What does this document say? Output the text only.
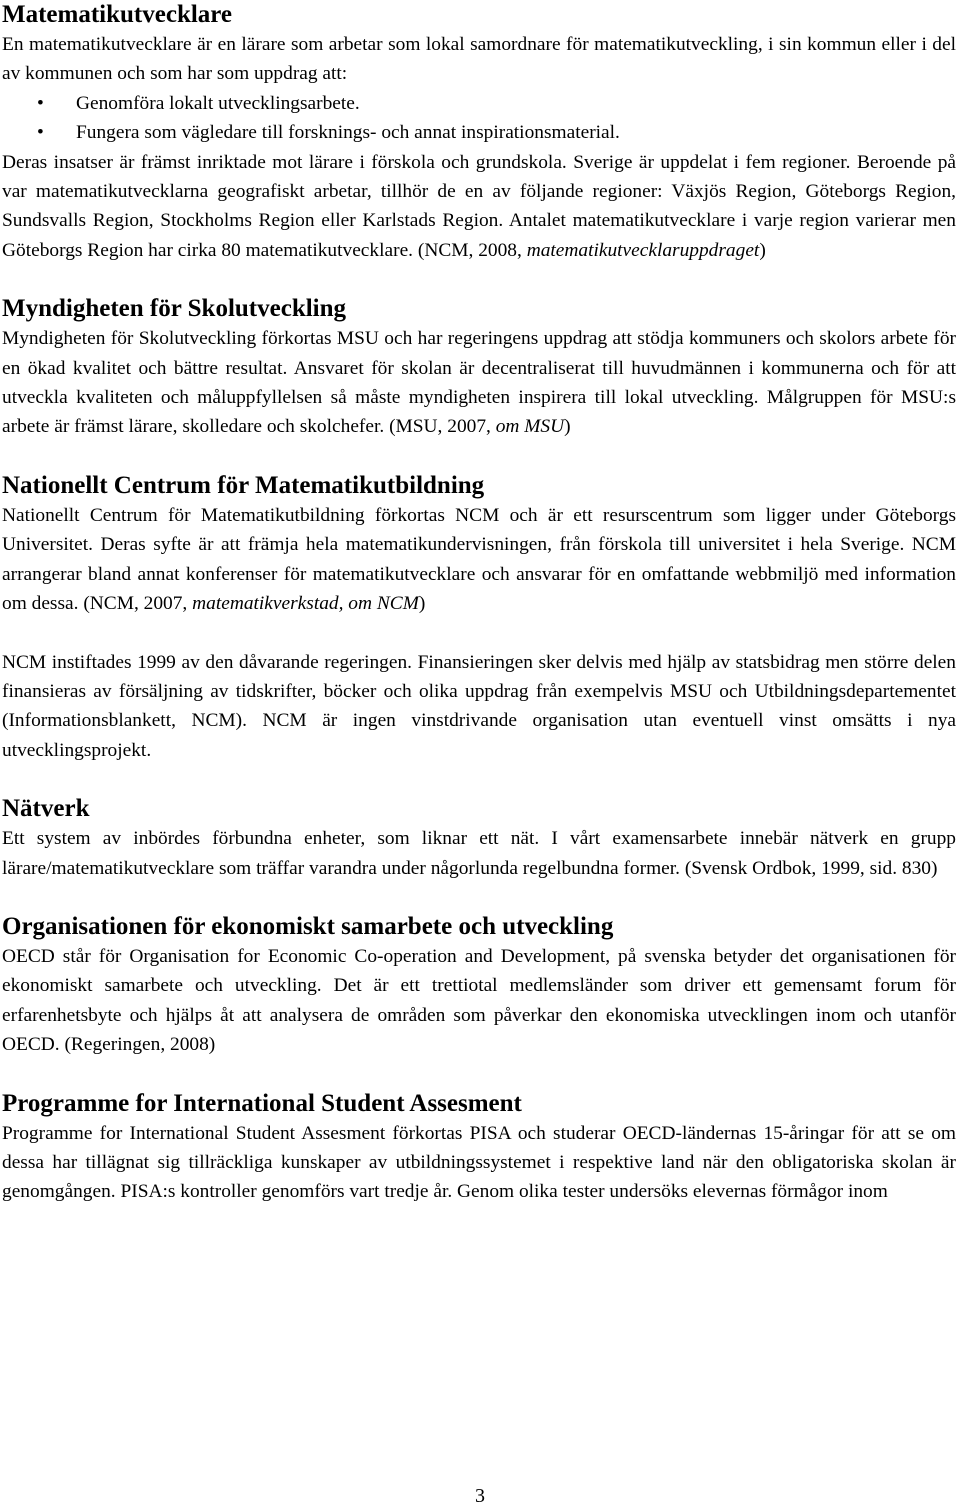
Matematikutvecklare

En matematikutvecklare är en lärare som arbetar som lokal samordnare för matematikutveckling, i sin kommun eller i del av kommunen och som har som uppdrag att:

• Genomföra lokalt utvecklingsarbete.
• Fungera som vägledare till forsknings- och annat inspirationsmaterial.

Deras insatser är främst inriktade mot lärare i förskola och grundskola. Sverige är uppdelat i fem regioner. Beroende på var matematikutvecklarna geografiskt arbetar, tillhör de en av följande regioner: Växjös Region, Göteborgs Region, Sundsvalls Region, Stockholms Region eller Karlstads Region. Antalet matematikutvecklare i varje region varierar men Göteborgs Region har cirka 80 matematikutvecklare. (NCM, 2008, matematikutvecklaruppdraget)

Myndigheten för Skolutveckling

Myndigheten för Skolutveckling förkortas MSU och har regeringens uppdrag att stödja kommuners och skolors arbete för en ökad kvalitet och bättre resultat. Ansvaret för skolan är decentraliserat till huvudmännen i kommunerna och för att utveckla kvaliteten och måluppfyllelsen så måste myndigheten inspirera till lokal utveckling. Målgruppen för MSU:s arbete är främst lärare, skolledare och skolchefer. (MSU, 2007, om MSU)

Nationellt Centrum för Matematikutbildning

Nationellt Centrum för Matematikutbildning förkortas NCM och är ett resurscentrum som ligger under Göteborgs Universitet. Deras syfte är att främja hela matematikundervisningen, från förskola till universitet i hela Sverige. NCM arrangerar bland annat konferenser för matematikutvecklare och ansvarar för en omfattande webbmiljö med information om dessa. (NCM, 2007, matematikverkstad, om NCM)

NCM instiftades 1999 av den dåvarande regeringen. Finansieringen sker delvis med hjälp av statsbidrag men större delen finansieras av försäljning av tidskrifter, böcker och olika uppdrag från exempelvis MSU och Utbildningsdepartementet (Informationsblankett, NCM). NCM är ingen vinstdrivande organisation utan eventuell vinst omsätts i nya utvecklingsprojekt.

Nätverk

Ett system av inbördes förbundna enheter, som liknar ett nät. I vårt examensarbete innebär nätverk en grupp lärare/matematikutvecklare som träffar varandra under någorlunda regelbundna former. (Svensk Ordbok, 1999, sid. 830)

Organisationen för ekonomiskt samarbete och utveckling

OECD står för Organisation for Economic Co-operation and Development, på svenska betyder det organisationen för ekonomiskt samarbete och utveckling. Det är ett trettiotal medlemsländer som driver ett gemensamt forum för erfarenhetsbyte och hjälps åt att analysera de områden som påverkar den ekonomiska utvecklingen inom och utanför OECD. (Regeringen, 2008)

Programme for International Student Assesment

Programme for International Student Assesment förkortas PISA och studerar OECD-ländernas 15-åringar för att se om dessa har tillägnat sig tillräckliga kunskaper av utbildningssystemet i respektive land när den obligatoriska skolan är genomgången. PISA:s kontroller genomförs vart tredje år. Genom olika tester undersöks elevernas förmågor inom

3
